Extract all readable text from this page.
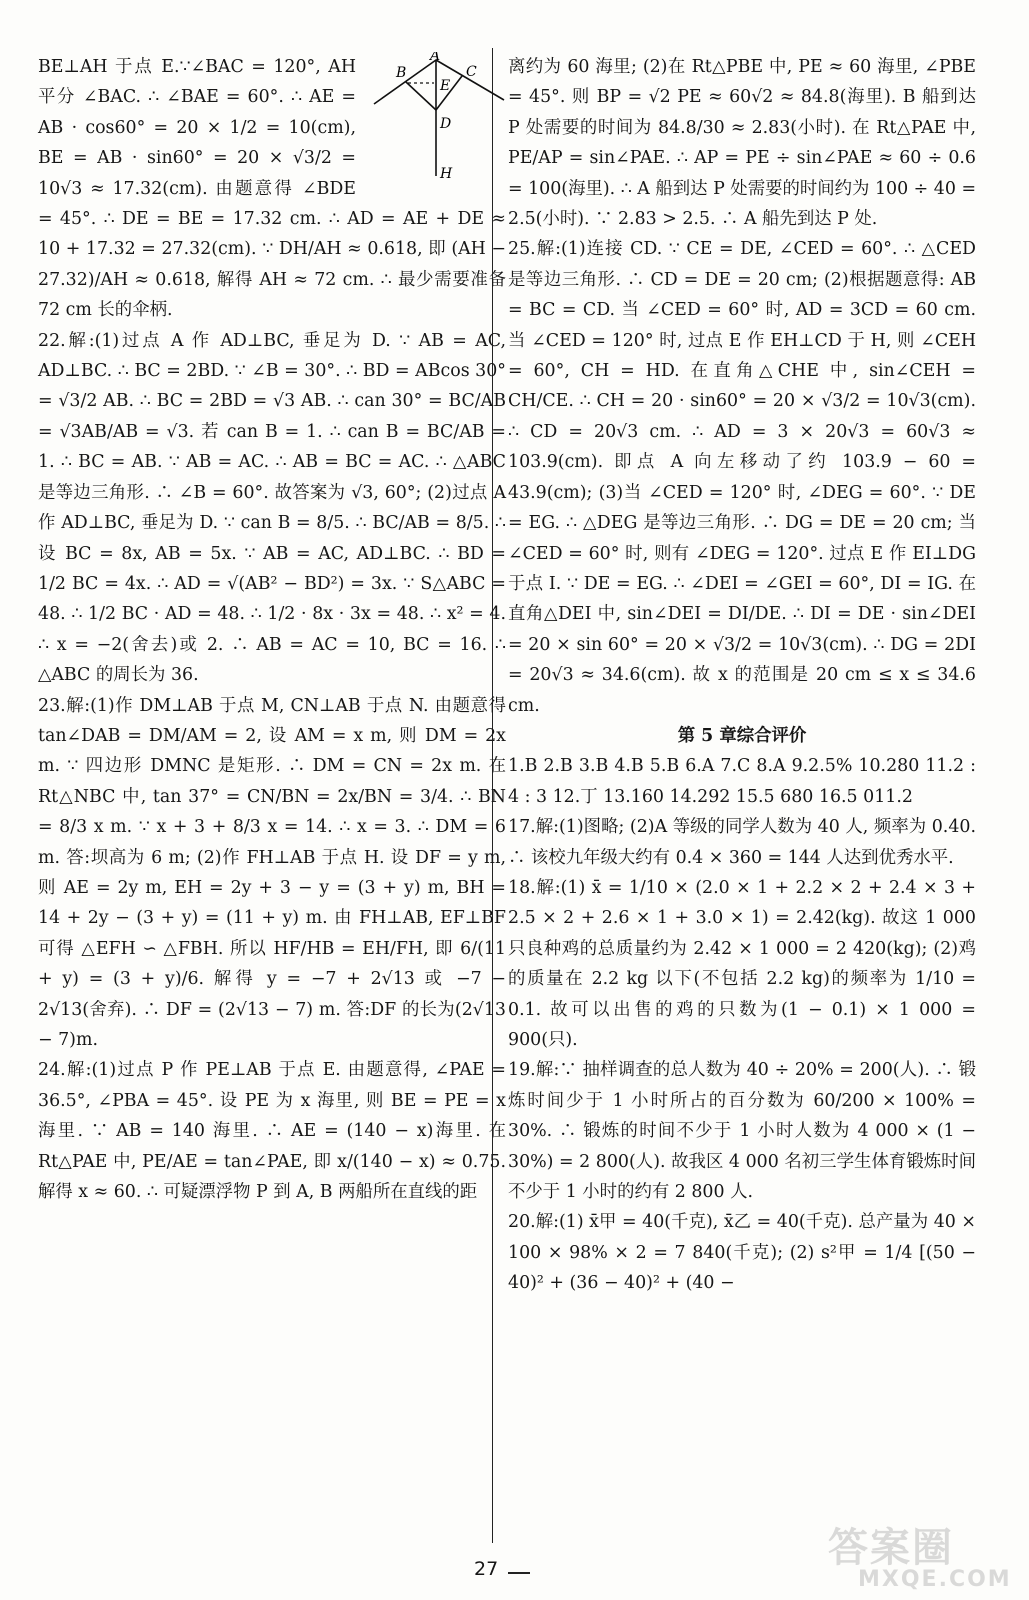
B
A
C
E
D
H

BE⊥AH 于点 E.∵∠BAC = 120°, AH 平分 ∠BAC. ∴ ∠BAE = 60°. ∴ AE = AB · cos60° = 20 × 1/2 = 10(cm), BE = AB · sin60° = 20 × √3/2 = 10√3 ≈ 17.32(cm). 由题意得 ∠BDE = 45°. ∴ DE = BE = 17.32 cm. ∴ AD = AE + DE ≈ 10 + 17.32 = 27.32(cm). ∵ DH/AH ≈ 0.618, 即 (AH − 27.32)/AH ≈ 0.618, 解得 AH ≈ 72 cm. ∴ 最少需要准备 72 cm 长的伞柄.

22.解:(1)过点 A 作 AD⊥BC, 垂足为 D. ∵ AB = AC, AD⊥BC. ∴ BC = 2BD. ∵ ∠B = 30°. ∴ BD = ABcos 30° = √3/2 AB. ∴ BC = 2BD = √3 AB. ∴ can 30° = BC/AB = √3AB/AB = √3. 若 can B = 1. ∴ can B = BC/AB = 1. ∴ BC = AB. ∵ AB = AC. ∴ AB = BC = AC. ∴ △ABC 是等边三角形. ∴ ∠B = 60°. 故答案为 √3, 60°; (2)过点 A 作 AD⊥BC, 垂足为 D. ∵ can B = 8/5. ∴ BC/AB = 8/5. ∴ 设 BC = 8x, AB = 5x. ∵ AB = AC, AD⊥BC. ∴ BD = 1/2 BC = 4x. ∴ AD = √(AB² − BD²) = 3x. ∵ S△ABC = 48. ∴ 1/2 BC · AD = 48. ∴ 1/2 · 8x · 3x = 48. ∴ x² = 4. ∴ x = −2(舍去)或 2. ∴ AB = AC = 10, BC = 16. ∴ △ABC 的周长为 36.

23.解:(1)作 DM⊥AB 于点 M, CN⊥AB 于点 N. 由题意得 tan∠DAB = DM/AM = 2, 设 AM = x m, 则 DM = 2x m. ∵ 四边形 DMNC 是矩形. ∴ DM = CN = 2x m. 在 Rt△NBC 中, tan 37° = CN/BN = 2x/BN = 3/4. ∴ BN = 8/3 x m. ∵ x + 3 + 8/3 x = 14. ∴ x = 3. ∴ DM = 6 m. 答:坝高为 6 m; (2)作 FH⊥AB 于点 H. 设 DF = y m, 则 AE = 2y m, EH = 2y + 3 − y = (3 + y) m, BH = 14 + 2y − (3 + y) = (11 + y) m. 由 FH⊥AB, EF⊥BF 可得 △EFH ∽ △FBH. 所以 HF/HB = EH/FH, 即 6/(11 + y) = (3 + y)/6. 解得 y = −7 + 2√13 或 −7 − 2√13(舍弃). ∴ DF = (2√13 − 7) m. 答:DF 的长为(2√13 − 7)m.

24.解:(1)过点 P 作 PE⊥AB 于点 E. 由题意得, ∠PAE = 36.5°, ∠PBA = 45°. 设 PE 为 x 海里, 则 BE = PE = x 海里. ∵ AB = 140 海里. ∴ AE = (140 − x)海里. 在 Rt△PAE 中, PE/AE = tan∠PAE, 即 x/(140 − x) ≈ 0.75. 解得 x ≈ 60. ∴ 可疑漂浮物 P 到 A, B 两船所在直线的距

离约为 60 海里; (2)在 Rt△PBE 中, PE ≈ 60 海里, ∠PBE = 45°. 则 BP = √2 PE ≈ 60√2 ≈ 84.8(海里). B 船到达 P 处需要的时间为 84.8/30 ≈ 2.83(小时). 在 Rt△PAE 中, PE/AP = sin∠PAE. ∴ AP = PE ÷ sin∠PAE ≈ 60 ÷ 0.6 = 100(海里). ∴ A 船到达 P 处需要的时间约为 100 ÷ 40 = 2.5(小时). ∵ 2.83 > 2.5. ∴ A 船先到达 P 处.

25.解:(1)连接 CD. ∵ CE = DE, ∠CED = 60°. ∴ △CED 是等边三角形. ∴ CD = DE = 20 cm; (2)根据题意得: AB = BC = CD. 当 ∠CED = 60° 时, AD = 3CD = 60 cm. 当 ∠CED = 120° 时, 过点 E 作 EH⊥CD 于 H, 则 ∠CEH = 60°, CH = HD. 在直角△CHE 中, sin∠CEH = CH/CE. ∴ CH = 20 · sin60° = 20 × √3/2 = 10√3(cm). ∴ CD = 20√3 cm. ∴ AD = 3 × 20√3 = 60√3 ≈ 103.9(cm). 即点 A 向左移动了约 103.9 − 60 = 43.9(cm); (3)当 ∠CED = 120° 时, ∠DEG = 60°. ∵ DE = EG. ∴ △DEG 是等边三角形. ∴ DG = DE = 20 cm; 当 ∠CED = 60° 时, 则有 ∠DEG = 120°. 过点 E 作 EI⊥DG 于点 I. ∵ DE = EG. ∴ ∠DEI = ∠GEI = 60°, DI = IG. 在直角△DEI 中, sin∠DEI = DI/DE. ∴ DI = DE · sin∠DEI = 20 × sin 60° = 20 × √3/2 = 10√3(cm). ∴ DG = 2DI = 20√3 ≈ 34.6(cm). 故 x 的范围是 20 cm ≤ x ≤ 34.6 cm.

第 5 章综合评价

1.B 2.B 3.B 4.B 5.B 6.A 7.C 8.A 9.2.5% 10.280 11.2 : 4 : 3 12.丁 13.160 14.292 15.5 680 16.5 011.2

17.解:(1)图略; (2)A 等级的同学人数为 40 人, 频率为 0.40. ∴ 该校九年级大约有 0.4 × 360 = 144 人达到优秀水平.

18.解:(1) x̄ = 1/10 × (2.0 × 1 + 2.2 × 2 + 2.4 × 3 + 2.5 × 2 + 2.6 × 1 + 3.0 × 1) = 2.42(kg). 故这 1 000 只良种鸡的总质量约为 2.42 × 1 000 = 2 420(kg); (2)鸡的质量在 2.2 kg 以下(不包括 2.2 kg)的频率为 1/10 = 0.1. 故可以出售的鸡的只数为(1 − 0.1) × 1 000 = 900(只).

19.解:∵ 抽样调查的总人数为 40 ÷ 20% = 200(人). ∴ 锻炼时间少于 1 小时所占的百分数为 60/200 × 100% = 30%. ∴ 锻炼的时间不少于 1 小时人数为 4 000 × (1 − 30%) = 2 800(人). 故我区 4 000 名初三学生体育锻炼时间不少于 1 小时的约有 2 800 人.

20.解:(1) x̄甲 = 40(千克), x̄乙 = 40(千克). 总产量为 40 × 100 × 98% × 2 = 7 840(千克); (2) s²甲 = 1/4 [(50 − 40)² + (36 − 40)² + (40 −

27	答案圈
MXQE.COM
